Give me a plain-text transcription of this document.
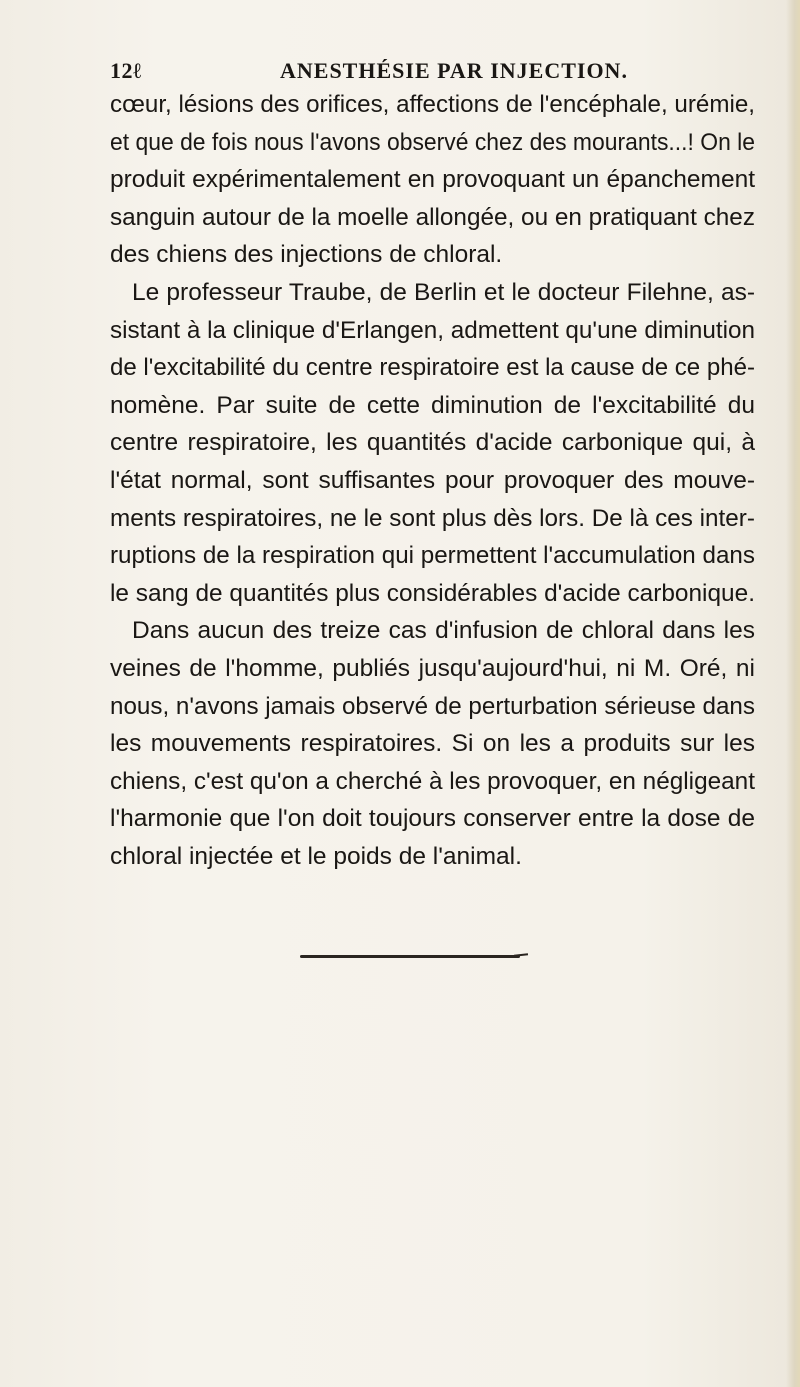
12ℓ	ANESTHÉSIE PAR INJECTION.
cœur, lésions des orifices, affections de l'encéphale, urémie,
et que de fois nous l'avons observé chez des mourants...! On le
produit expérimentalement en provoquant un épanchement
sanguin autour de la moelle allongée, ou en pratiquant chez
des chiens des injections de chloral.
Le professeur Traube, de Berlin et le docteur Filehne, as-
sistant à la clinique d'Erlangen, admettent qu'une diminution
de l'excitabilité du centre respiratoire est la cause de ce phé-
nomène. Par suite de cette diminution de l'excitabilité du
centre respiratoire, les quantités d'acide carbonique qui, à
l'état normal, sont suffisantes pour provoquer des mouve-
ments respiratoires, ne le sont plus dès lors. De là ces inter-
ruptions de la respiration qui permettent l'accumulation dans
le sang de quantités plus considérables d'acide carbonique.
Dans aucun des treize cas d'infusion de chloral dans les
veines de l'homme, publiés jusqu'aujourd'hui, ni M. Oré, ni
nous, n'avons jamais observé de perturbation sérieuse dans
les mouvements respiratoires. Si on les a produits sur les
chiens, c'est qu'on a cherché à les provoquer, en négligeant
l'harmonie que l'on doit toujours conserver entre la dose de
chloral injectée et le poids de l'animal.
